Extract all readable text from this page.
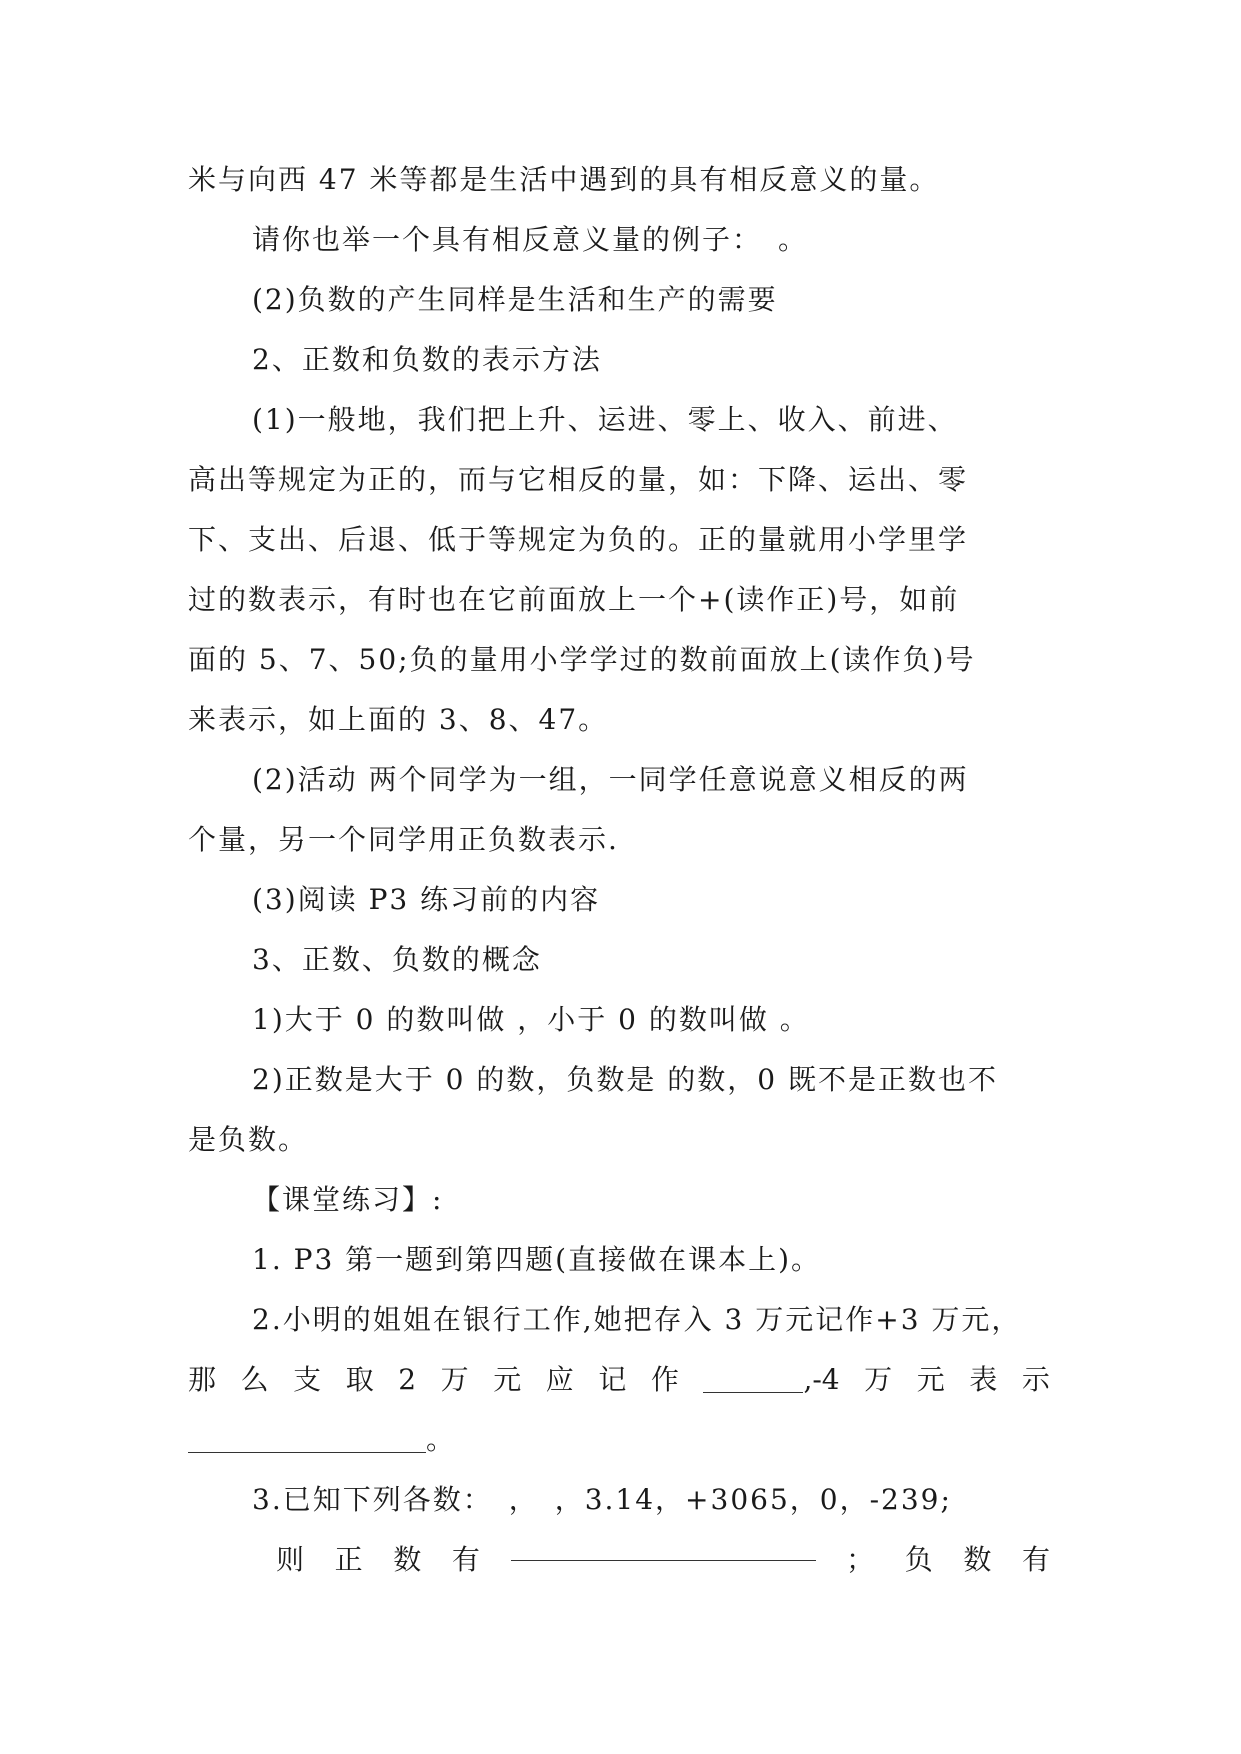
米与向西 47 米等都是生活中遇到的具有相反意义的量。
请你也举一个具有相反意义量的例子：　。
(2)负数的产生同样是生活和生产的需要
2、正数和负数的表示方法
(1)一般地，我们把上升、运进、零上、收入、前进、
高出等规定为正的，而与它相反的量，如：下降、运出、零
下、支出、后退、低于等规定为负的。正的量就用小学里学
过的数表示，有时也在它前面放上一个+(读作正)号，如前
面的 5、7、50;负的量用小学学过的数前面放上(读作负)号
来表示，如上面的 3、8、47。
(2)活动 两个同学为一组，一同学任意说意义相反的两
个量，另一个同学用正负数表示.
(3)阅读 P3 练习前的内容
3、正数、负数的概念
1)大于 0 的数叫做 ，小于 0 的数叫做 。
2)正数是大于 0 的数，负数是 的数，0 既不是正数也不
是负数。
【课堂练习】:
1. P3 第一题到第四题(直接做在课本上)。
2.小明的姐姐在银行工作,她把存入 3 万元记作+3 万元，
那 么 支 取 2 万 元 应 记 作	,-4 万 元 表 示
。
3.已知下列各数：　，　，3.14，+3065，0，-239;
则 正 数 有	； 负 数 有
